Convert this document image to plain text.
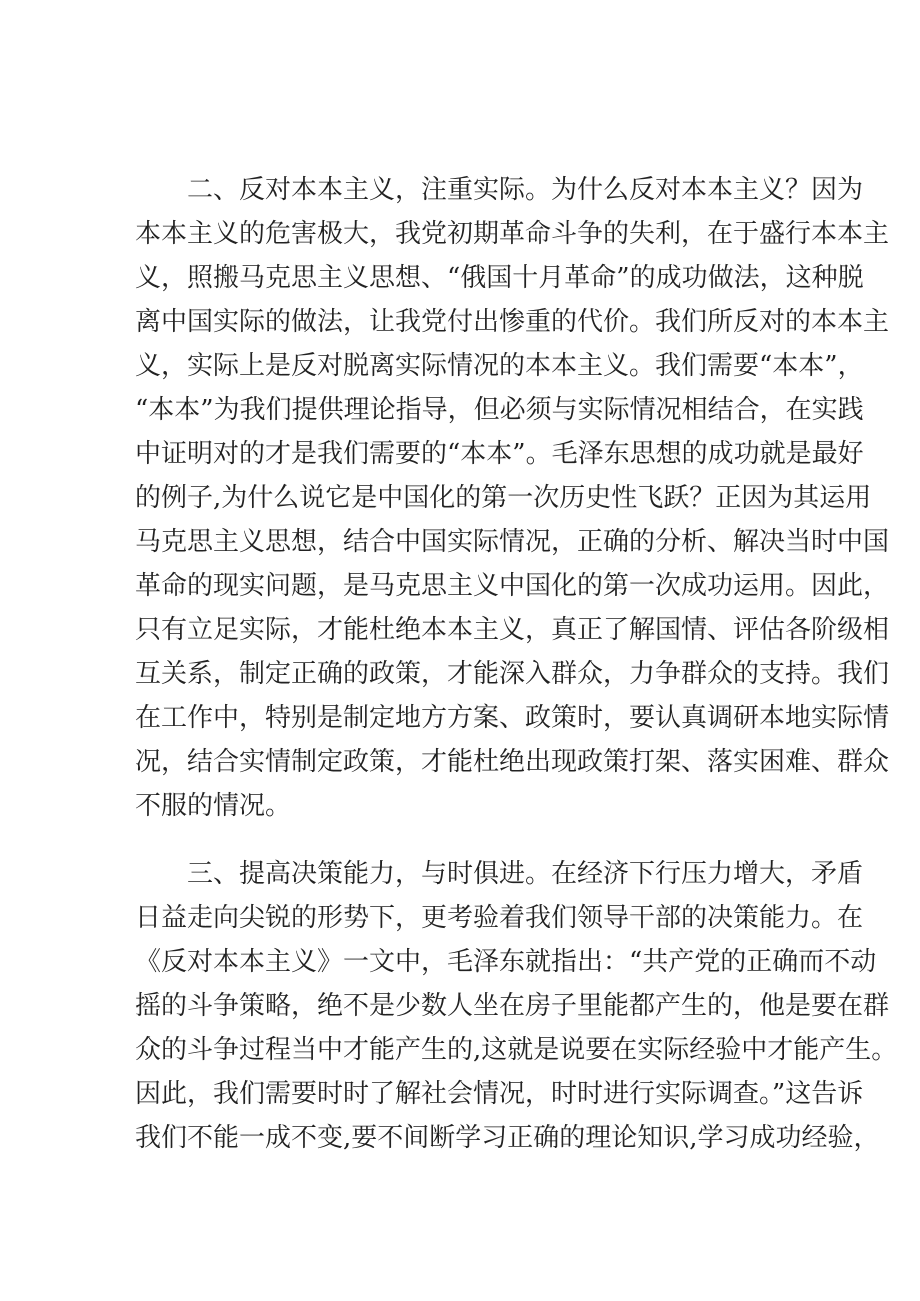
二、反对本本主义，注重实际。为什么反对本本主义？因为
本本主义的危害极大，我党初期革命斗争的失利，在于盛行本本主
义，照搬马克思主义思想、“俄国十月革命”的成功做法，这种脱
离中国实际的做法，让我党付出惨重的代价。我们所反对的本本主
义，实际上是反对脱离实际情况的本本主义。我们需要“本本”，
“本本”为我们提供理论指导，但必须与实际情况相结合，在实践
中证明对的才是我们需要的“本本”。毛泽东思想的成功就是最好
的例子,为什么说它是中国化的第一次历史性飞跃？正因为其运用
马克思主义思想，结合中国实际情况，正确的分析、解决当时中国
革命的现实问题，是马克思主义中国化的第一次成功运用。因此，
只有立足实际，才能杜绝本本主义，真正了解国情、评估各阶级相
互关系，制定正确的政策，才能深入群众，力争群众的支持。我们
在工作中，特别是制定地方方案、政策时，要认真调研本地实际情
况，结合实情制定政策，才能杜绝出现政策打架、落实困难、群众
不服的情况。
三、提高决策能力，与时俱进。在经济下行压力增大，矛盾
日益走向尖锐的形势下，更考验着我们领导干部的决策能力。在
《反对本本主义》一文中，毛泽东就指出：“共产党的正确而不动
摇的斗争策略，绝不是少数人坐在房子里能都产生的，他是要在群
众的斗争过程当中才能产生的,这就是说要在实际经验中才能产生。
因此，我们需要时时了解社会情况，时时进行实际调查。”这告诉
我们不能一成不变,要不间断学习正确的理论知识,学习成功经验，
